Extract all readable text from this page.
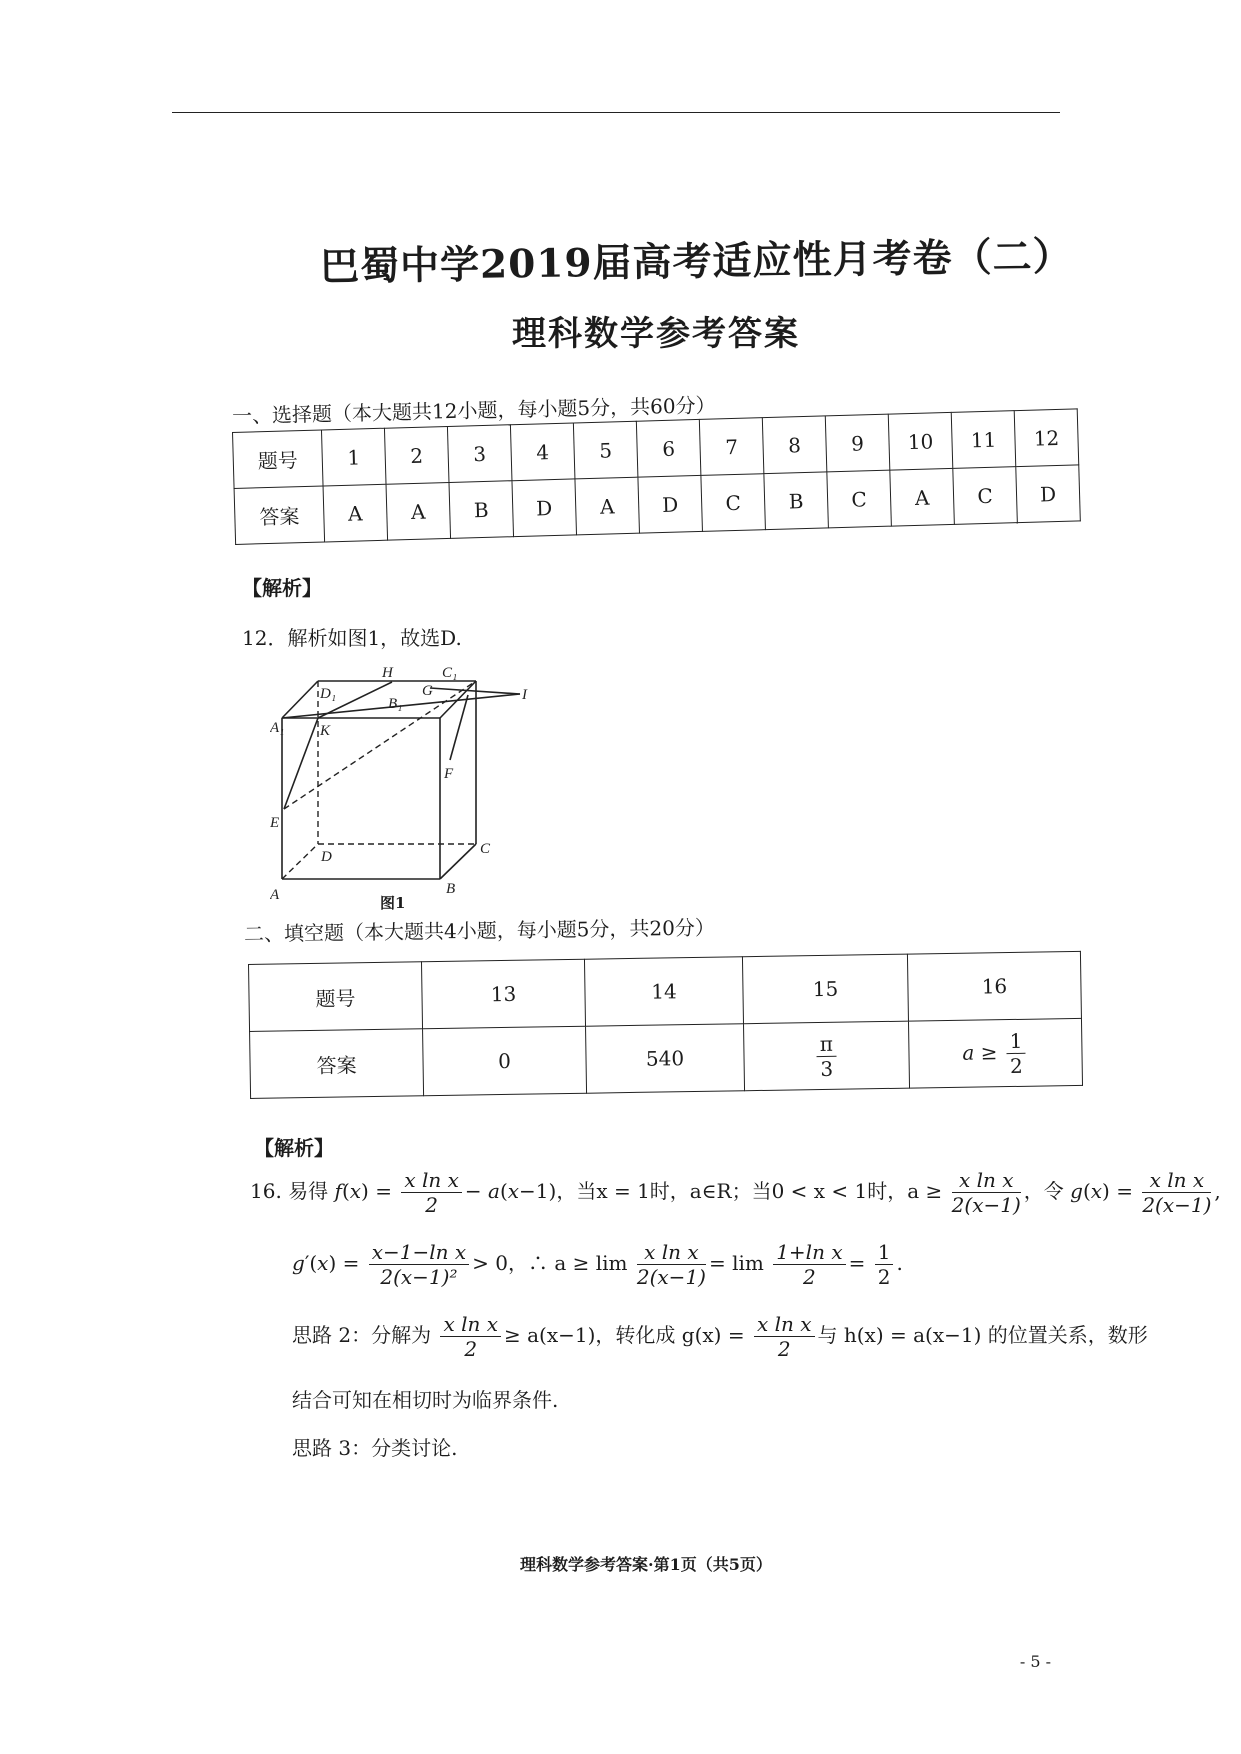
巴蜀中学2019届高考适应性月考卷（二）
理科数学参考答案
一、选择题（本大题共12小题，每小题5分，共60分）
题号	1	2	3	4	5	6	7	8	9	10	11	12
答案	A	A	B	D	A	D	C	B	C	A	C	D
【解析】
12．解析如图1，故选D.
H	C₁
D₁
B₁
G	I
A₁ K
F
E
D	C
B
A	图1
二、填空题（本大题共4小题，每小题5分，共20分）
题号	13	14	15	16
答案	0	540	$\frac{\pi}{3}$	$a \ge \frac{1}{2}$
【解析】
16. 易得 $f(x) = \frac{\text{x ln x}}{2} - a(x-1)$，当x = 1时，a∈R；当0 < x < 1时，$a \ge \frac{\text{x ln x}}{2(x-1)}$ ，令 $g(x) = \frac{\text{x ln x}}{2(x-1)}$ ,
$g'(x) = \frac{\text{x−1−ln x}}{\text{2(x−1)²}} > 0$，∴ $a \ge \lim \frac{\text{x ln x}}{2(x-1)} = \lim \frac{\text{1+ln x}}{2} = \frac{1}{2}$ .
思路 2：分解为 $\frac{\text{x ln x}}{2} \ge a(x-1)$，转化成 $g(x) = \frac{\text{x ln x}}{2}$ 与 h(x) = a(x−1) 的位置关系，数形
结合可知在相切时为临界条件.
思路 3：分类讨论.
理科数学参考答案·第1页（共5页）
- 5 -
